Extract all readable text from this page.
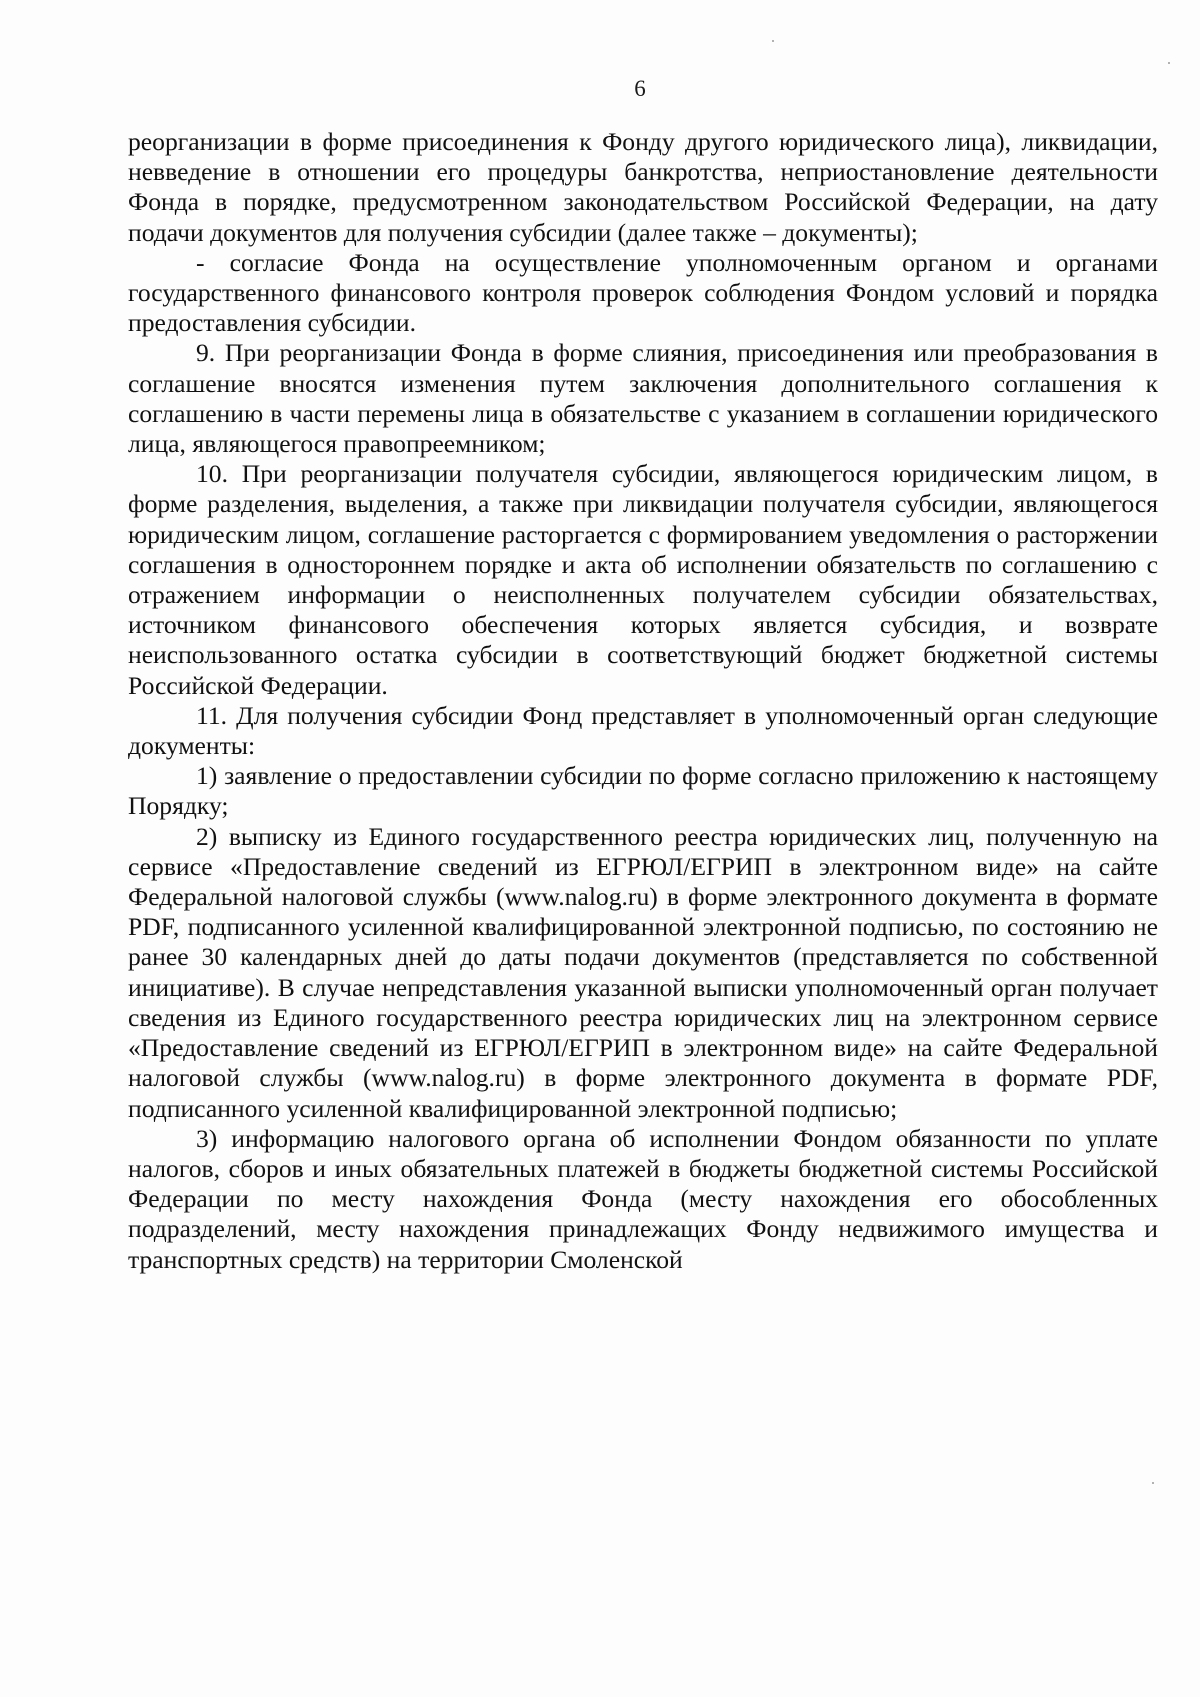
6

реорганизации в форме присоединения к Фонду другого юридического лица), ликвидации, невведение в отношении его процедуры банкротства, неприостановление деятельности Фонда в порядке, предусмотренном законодательством Российской Федерации, на дату подачи документов для получения субсидии (далее также – документы);

- согласие Фонда на осуществление уполномоченным органом и органами государственного финансового контроля проверок соблюдения Фондом условий и порядка предоставления субсидии.

9. При реорганизации Фонда в форме слияния, присоединения или преобразования в соглашение вносятся изменения путем заключения дополнительного соглашения к соглашению в части перемены лица в обязательстве с указанием в соглашении юридического лица, являющегося правопреемником;

10. При реорганизации получателя субсидии, являющегося юридическим лицом, в форме разделения, выделения, а также при ликвидации получателя субсидии, являющегося юридическим лицом, соглашение расторгается с формированием уведомления о расторжении соглашения в одностороннем порядке и акта об исполнении обязательств по соглашению с отражением информации о неисполненных получателем субсидии обязательствах, источником финансового обеспечения которых является субсидия, и возврате неиспользованного остатка субсидии в соответствующий бюджет бюджетной системы Российской Федерации.

11. Для получения субсидии Фонд представляет в уполномоченный орган следующие документы:

1) заявление о предоставлении субсидии по форме согласно приложению к настоящему Порядку;

2) выписку из Единого государственного реестра юридических лиц, полученную на сервисе «Предоставление сведений из ЕГРЮЛ/ЕГРИП в электронном виде» на сайте Федеральной налоговой службы (www.nalog.ru) в форме электронного документа в формате PDF, подписанного усиленной квалифицированной электронной подписью, по состоянию не ранее 30 календарных дней до даты подачи документов (представляется по собственной инициативе). В случае непредставления указанной выписки уполномоченный орган получает сведения из Единого государственного реестра юридических лиц на электронном сервисе «Предоставление сведений из ЕГРЮЛ/ЕГРИП в электронном виде» на сайте Федеральной налоговой службы (www.nalog.ru) в форме электронного документа в формате PDF, подписанного усиленной квалифицированной электронной подписью;

3) информацию налогового органа об исполнении Фондом обязанности по уплате налогов, сборов и иных обязательных платежей в бюджеты бюджетной системы Российской Федерации по месту нахождения Фонда (месту нахождения его обособленных подразделений, месту нахождения принадлежащих Фонду недвижимого имущества и транспортных средств) на территории Смоленской
